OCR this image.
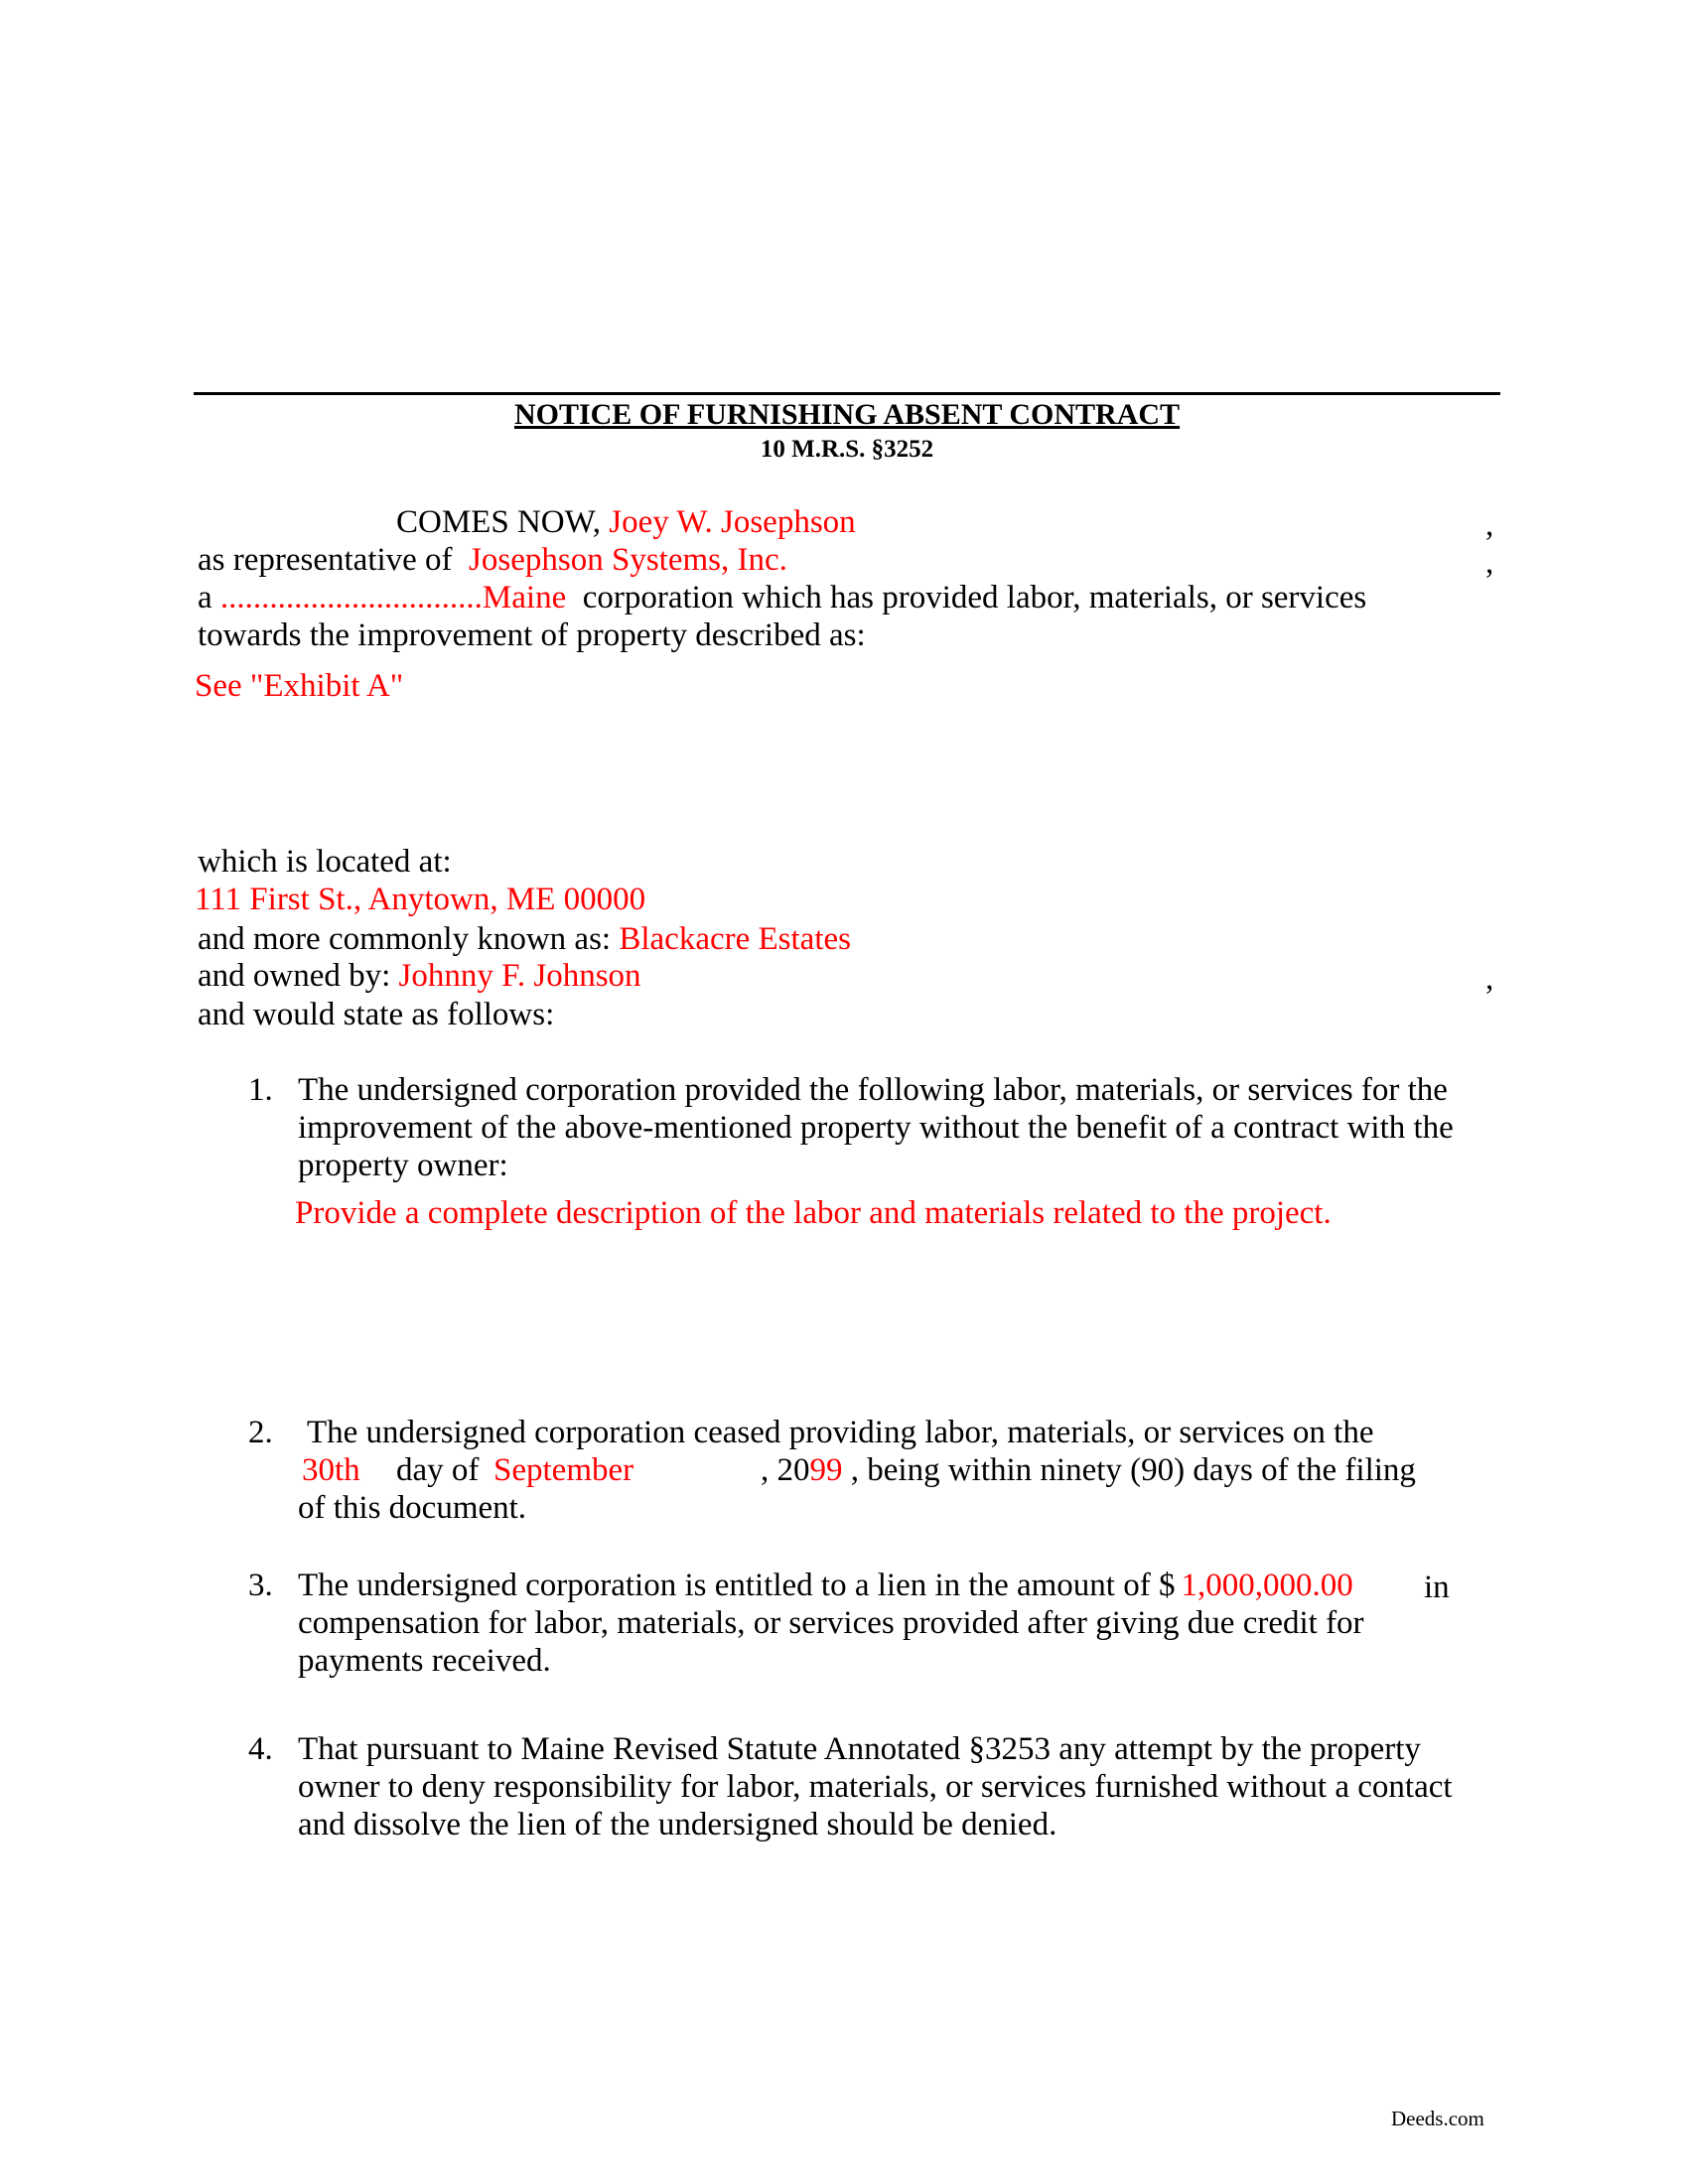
NOTICE OF FURNISHING ABSENT CONTRACT
10 M.R.S. §3252
COMES NOW, Joey W. Josephson	,
as representative of Josephson Systems, Inc.	,
a ................................Maine corporation which has provided labor, materials, or services
towards the improvement of property described as:
See "Exhibit A"
which is located at:
111 First St., Anytown, ME 00000
and more commonly known as: Blackacre Estates
and owned by: Johnny F. Johnson	,
and would state as follows:
1. The undersigned corporation provided the following labor, materials, or services for the
improvement of the above-mentioned property without the benefit of a contract with the
property owner:
Provide a complete description of the labor and materials related to the project.
2. The undersigned corporation ceased providing labor, materials, or services on the
30th day of September	, 2099 , being within ninety (90) days of the filing
of this document.
3. The undersigned corporation is entitled to a lien in the amount of $ 1,000,000.00 in
compensation for labor, materials, or services provided after giving due credit for
payments received.
4. That pursuant to Maine Revised Statute Annotated §3253 any attempt by the property
owner to deny responsibility for labor, materials, or services furnished without a contact
and dissolve the lien of the undersigned should be denied.
Deeds.com
